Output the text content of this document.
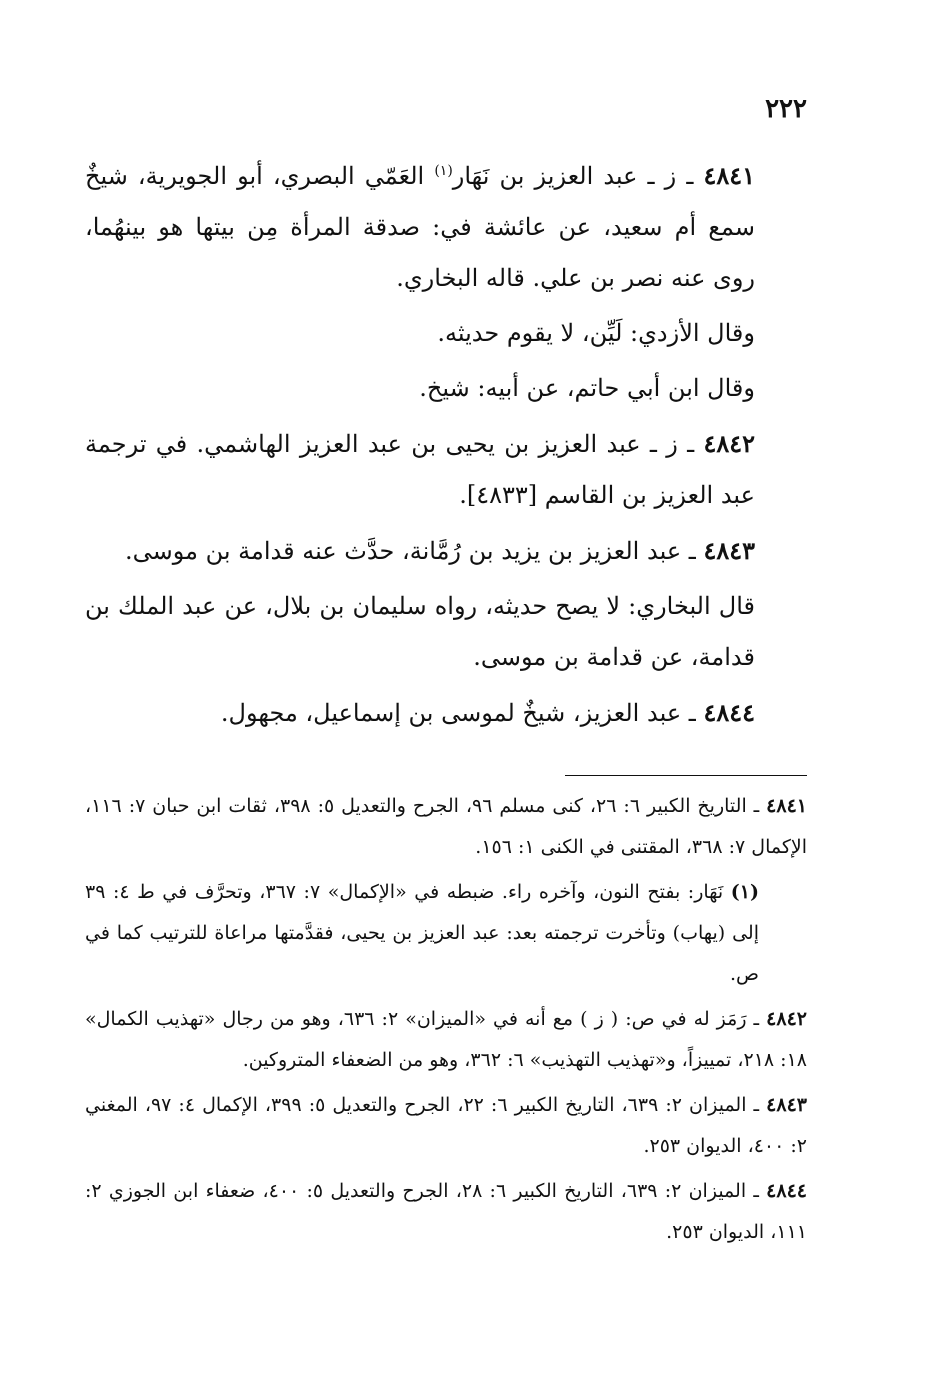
٢٢٢

٤٨٤١ ـ ز ـ عبد العزيز بن نَهَار$^{(١)}$ العَمّي البصري، أبو الجويرية، شيخٌ سمع أم سعيد، عن عائشة في: صدقة المرأة مِن بيتها هو بينهُما، روى عنه نصر بن علي. قاله البخاري.

وقال الأزدي: لَيِّن، لا يقوم حديثه.

وقال ابن أبي حاتم، عن أبيه: شيخ.

٤٨٤٢ ـ ز ـ عبد العزيز بن يحيى بن عبد العزيز الهاشمي. في ترجمة عبد العزيز بن القاسم [٤٨٣٣].

٤٨٤٣ ـ عبد العزيز بن يزيد بن رُمَّانة، حدَّث عنه قدامة بن موسى.

قال البخاري: لا يصح حديثه، رواه سليمان بن بلال، عن عبد الملك بن قدامة، عن قدامة بن موسى.

٤٨٤٤ ـ عبد العزيز، شيخٌ لموسى بن إسماعيل، مجهول.

٤٨٤١ ـ التاريخ الكبير ٦: ٢٦، كنى مسلم ٩٦، الجرح والتعديل ٥: ٣٩٨، ثقات ابن حبان ٧: ١١٦، الإكمال ٧: ٣٦٨، المقتنى في الكنى ١: ١٥٦.

(١) نَهَار: بفتح النون، وآخره راء. ضبطه في «الإكمال» ٧: ٣٦٧، وتحرَّف في ط ٤: ٣٩ إلى (يهاب) وتأخرت ترجمته بعد: عبد العزيز بن يحيى، فقدَّمتها مراعاة للترتيب كما في ص.

٤٨٤٢ ـ رَمَز له في ص: ( ز ) مع أنه في «الميزان» ٢: ٦٣٦، وهو من رجال «تهذيب الكمال» ١٨: ٢١٨، تمييزاً، و«تهذيب التهذيب» ٦: ٣٦٢، وهو من الضعفاء المتروكين.

٤٨٤٣ ـ الميزان ٢: ٦٣٩، التاريخ الكبير ٦: ٢٢، الجرح والتعديل ٥: ٣٩٩، الإكمال ٤: ٩٧، المغني ٢: ٤٠٠، الديوان ٢٥٣.

٤٨٤٤ ـ الميزان ٢: ٦٣٩، التاريخ الكبير ٦: ٢٨، الجرح والتعديل ٥: ٤٠٠، ضعفاء ابن الجوزي ٢: ١١١، الديوان ٢٥٣.
